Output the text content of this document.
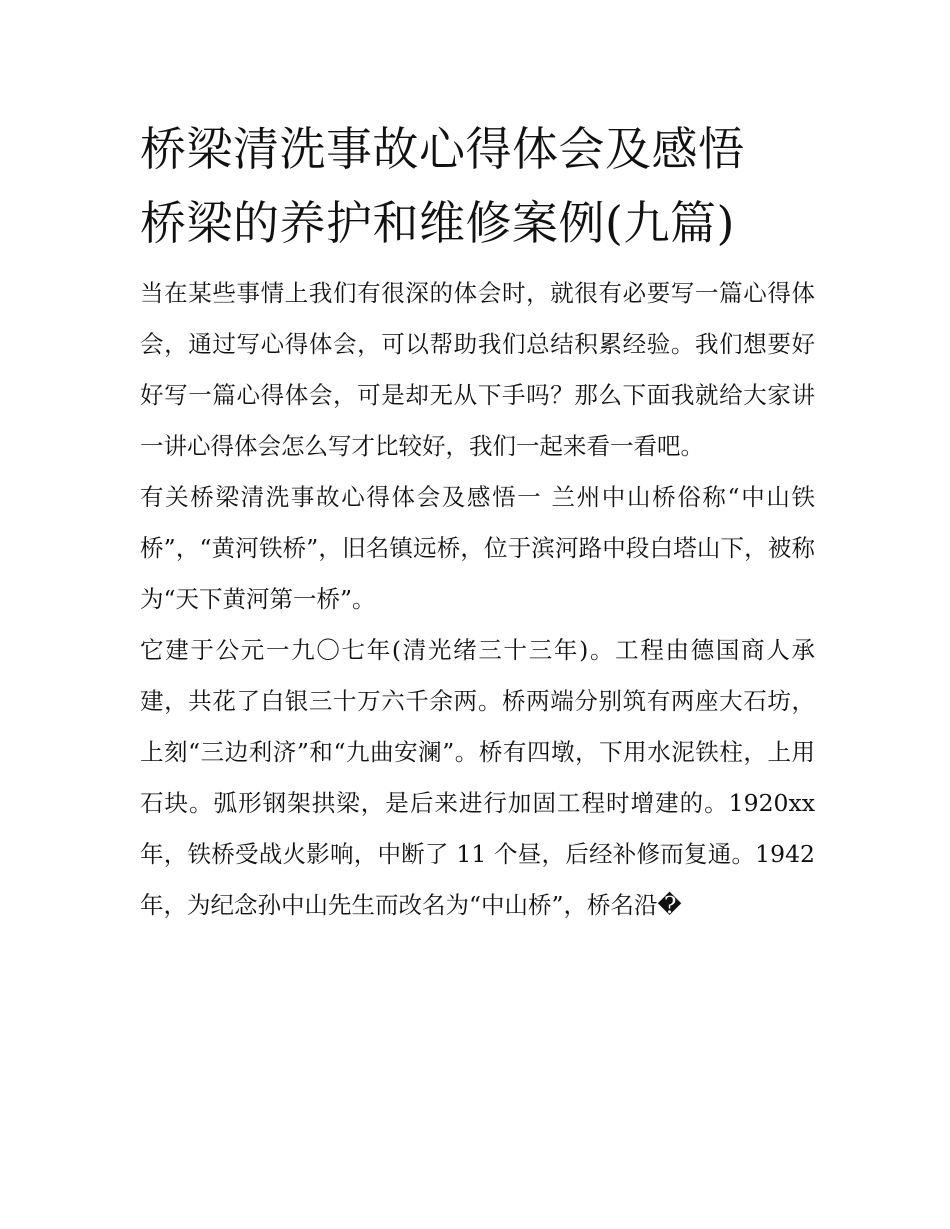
桥梁清洗事故心得体会及感悟
桥梁的养护和维修案例(九篇)

当在某些事情上我们有很深的体会时，就很有必要写一篇心得体会，通过写心得体会，可以帮助我们总结积累经验。我们想要好好写一篇心得体会，可是却无从下手吗？那么下面我就给大家讲一讲心得体会怎么写才比较好，我们一起来看一看吧。

有关桥梁清洗事故心得体会及感悟一 兰州中山桥俗称“中山铁桥”，“黄河铁桥”，旧名镇远桥，位于滨河路中段白塔山下，被称为“天下黄河第一桥”。

它建于公元一九〇七年(清光绪三十三年)。工程由德国商人承建，共花了白银三十万六千余两。桥两端分别筑有两座大石坊，上刻“三边利济”和“九曲安澜”。桥有四墩，下用水泥铁柱，上用石块。弧形钢架拱梁，是后来进行加固工程时增建的。1920xx 年，铁桥受战火影响，中断了 11 个昼，后经补修而复通。1942 年，为纪念孙中山先生而改名为“中山桥”，桥名沿�
